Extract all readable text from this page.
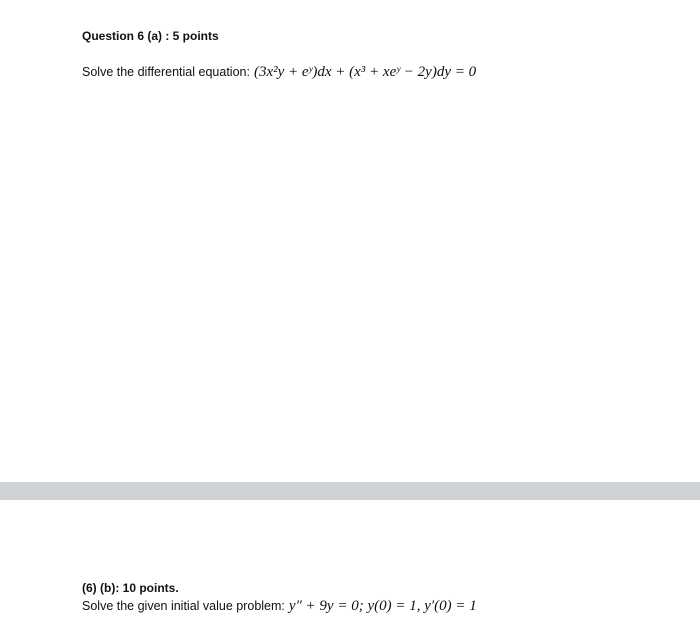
Question 6 (a) : 5 points
Solve the differential equation: (3x²y + eʸ)dx + (x³ + xeʸ − 2y)dy = 0
(6) (b): 10 points.
Solve the given initial value problem: y″ + 9y = 0; y(0) = 1, y′(0) = 1
